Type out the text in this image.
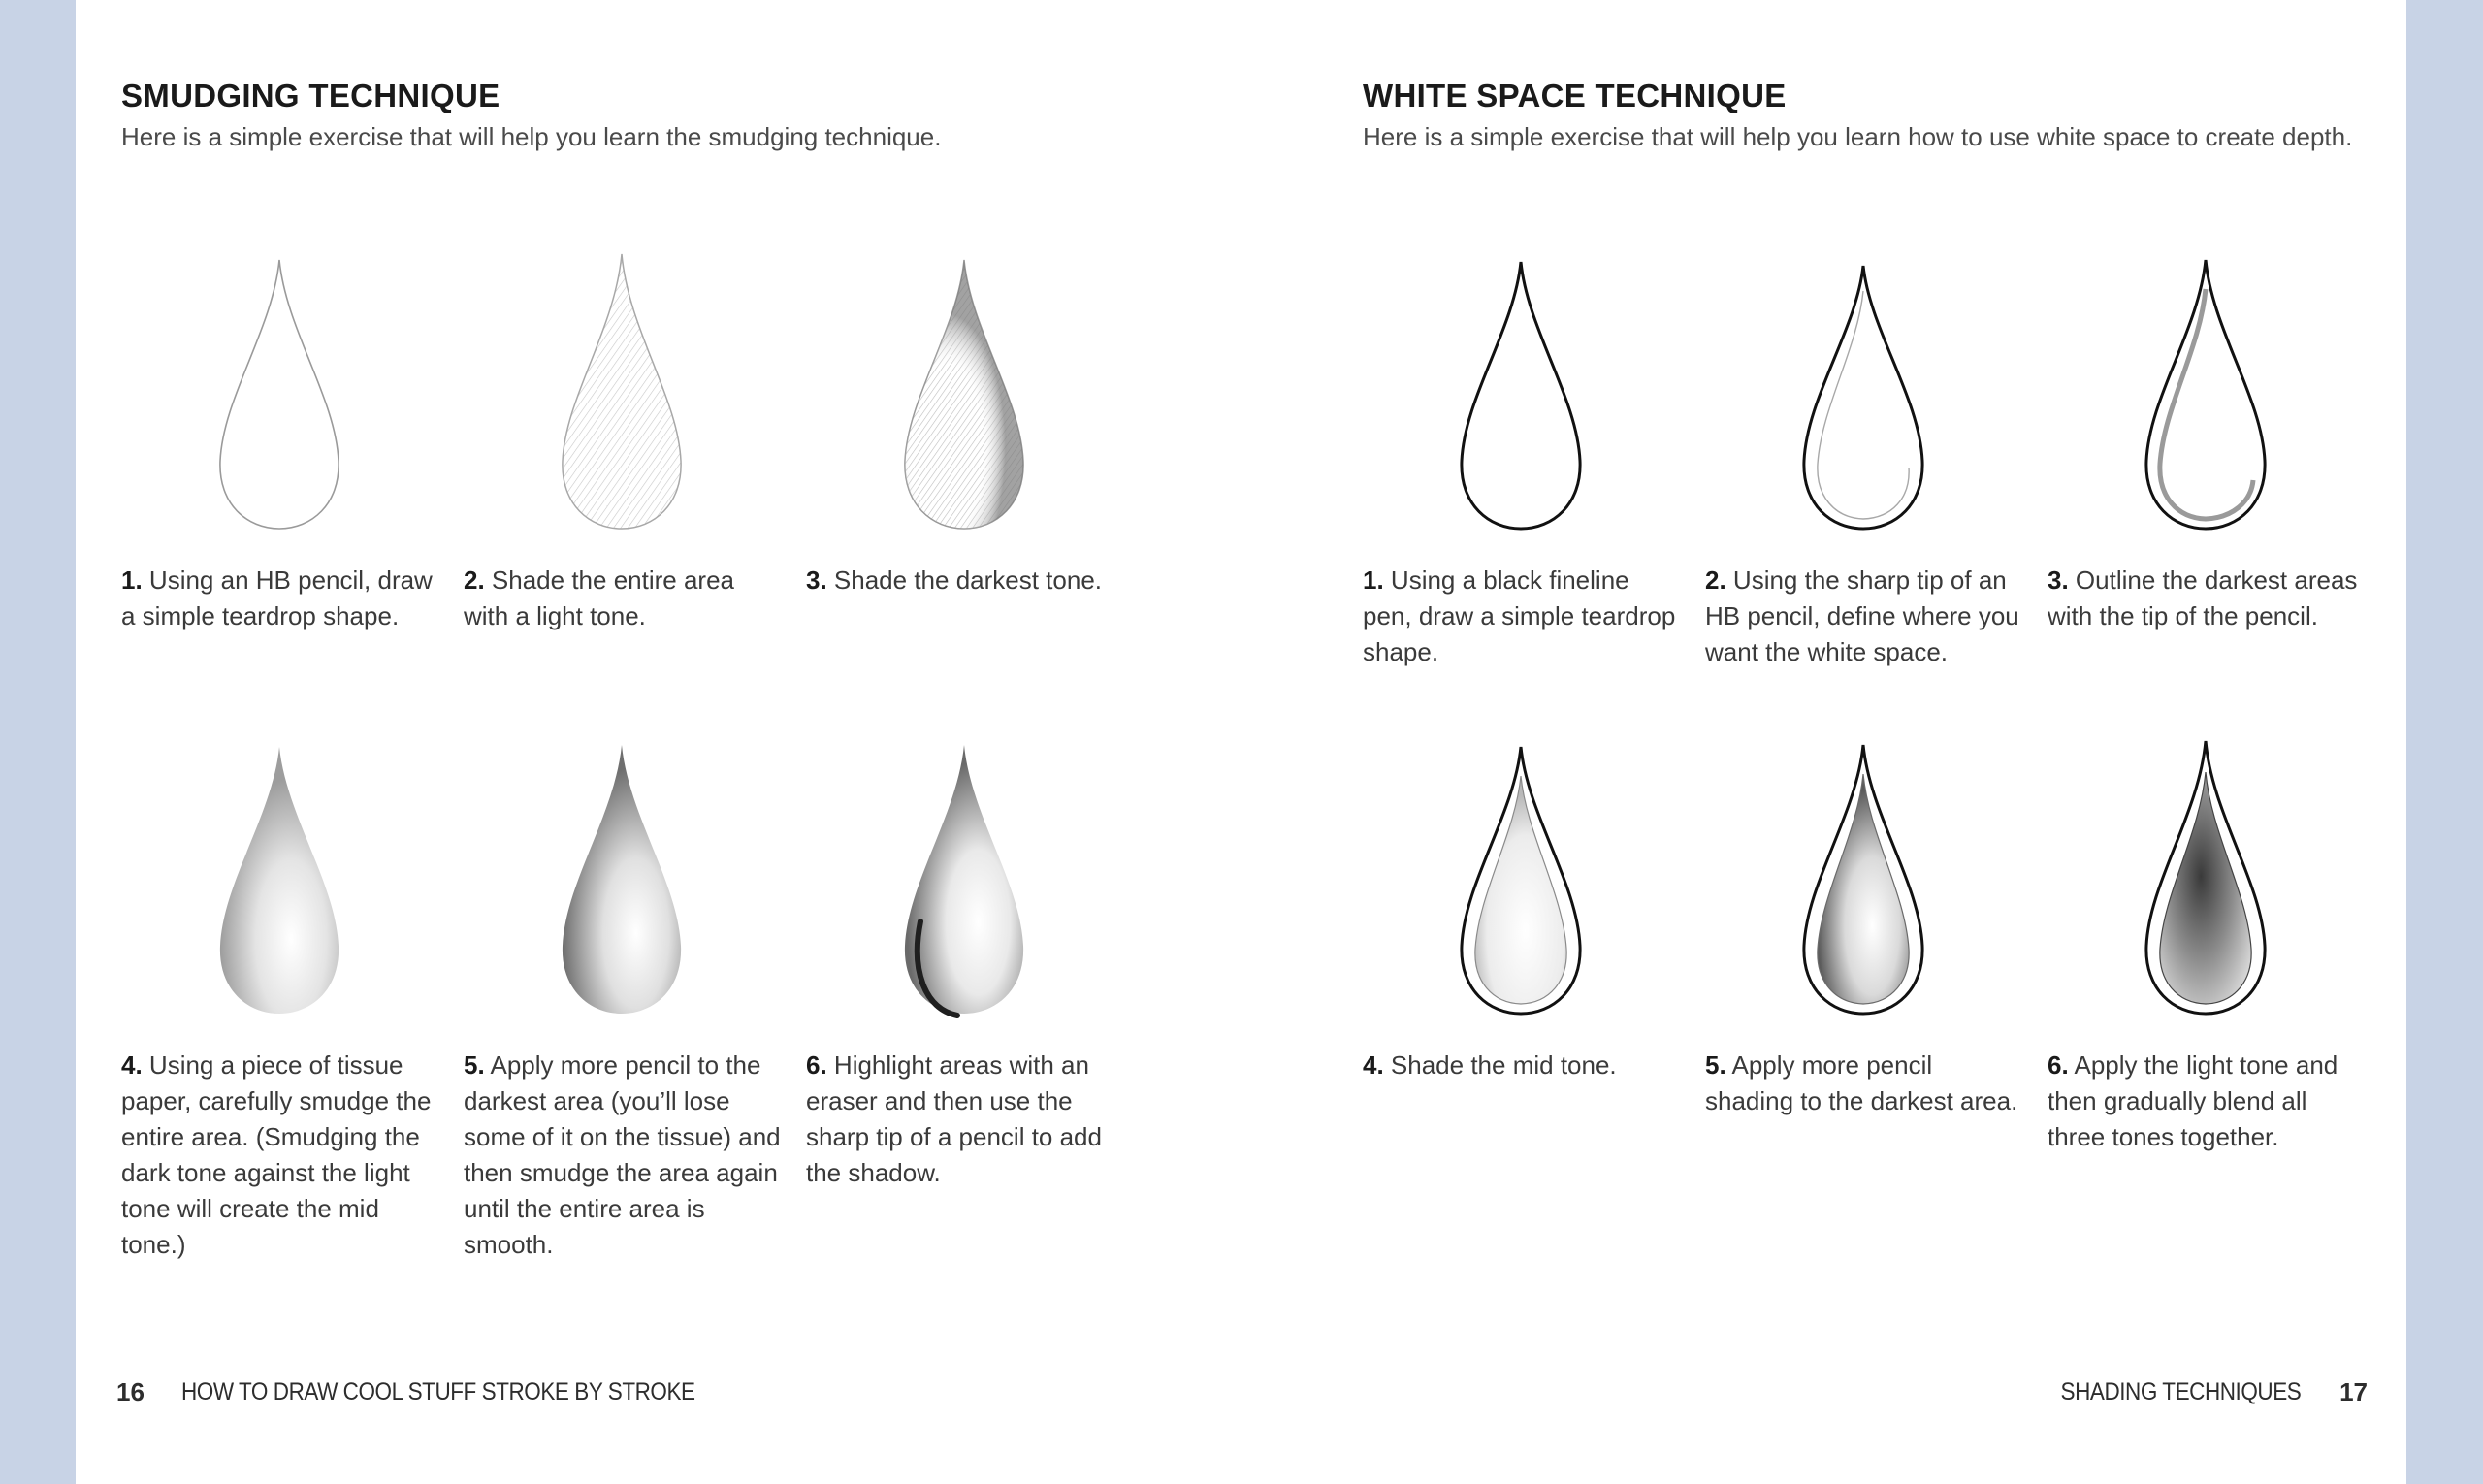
SMUDGING TECHNIQUE

Here is a simple exercise that will help you learn the smudging technique.

1. Using an HB pencil, draw a simple teardrop shape.
2. Shade the entire area with a light tone.
3. Shade the darkest tone.
4. Using a piece of tissue paper, carefully smudge the entire area. (Smudging the dark tone against the light tone will create the mid tone.)
5. Apply more pencil to the darkest area (you’ll lose some of it on the tissue) and then smudge the area again until the entire area is smooth.
6. Highlight areas with an eraser and then use the sharp tip of a pencil to add the shadow.
16 HOW TO DRAW COOL STUFF STROKE BY STROKE
WHITE SPACE TECHNIQUE

Here is a simple exercise that will help you learn how to use white space to create depth.

1. Using a black fineline pen, draw a simple teardrop shape.
2. Using the sharp tip of an HB pencil, define where you want the white space.
3. Outline the darkest areas with the tip of the pencil.
4. Shade the mid tone.	5. Apply more pencil shading to the darkest area.
6. Apply the light tone and then gradually blend all three tones together.
SHADING TECHNIQUES 17
